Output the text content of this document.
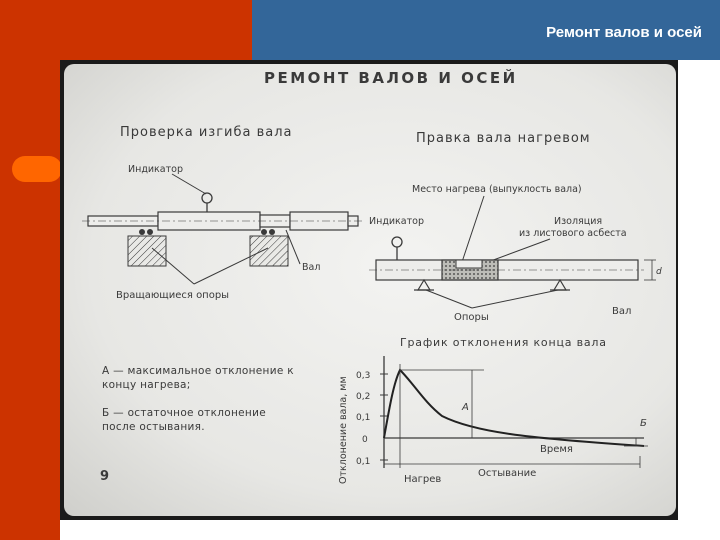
Ремонт валов и осей
РЕМОНТ ВАЛОВ И ОСЕЙ
Проверка изгиба вала
Индикатор
Вал
Вращающиеся опоры
Правка вала нагревом
Место нагрева (выпуклость вала)
Индикатор	Изоляция
из листового асбеста
d
Опоры
Вал
График отклонения конца вала
Отклонение вала, мм
0,3
0,2
0,1
0
0,1
А
Б
Время
Нагрев
Остывание
9
А — максимальное отклонение к концу нагрева;
Б — остаточное отклонение после остывания.
